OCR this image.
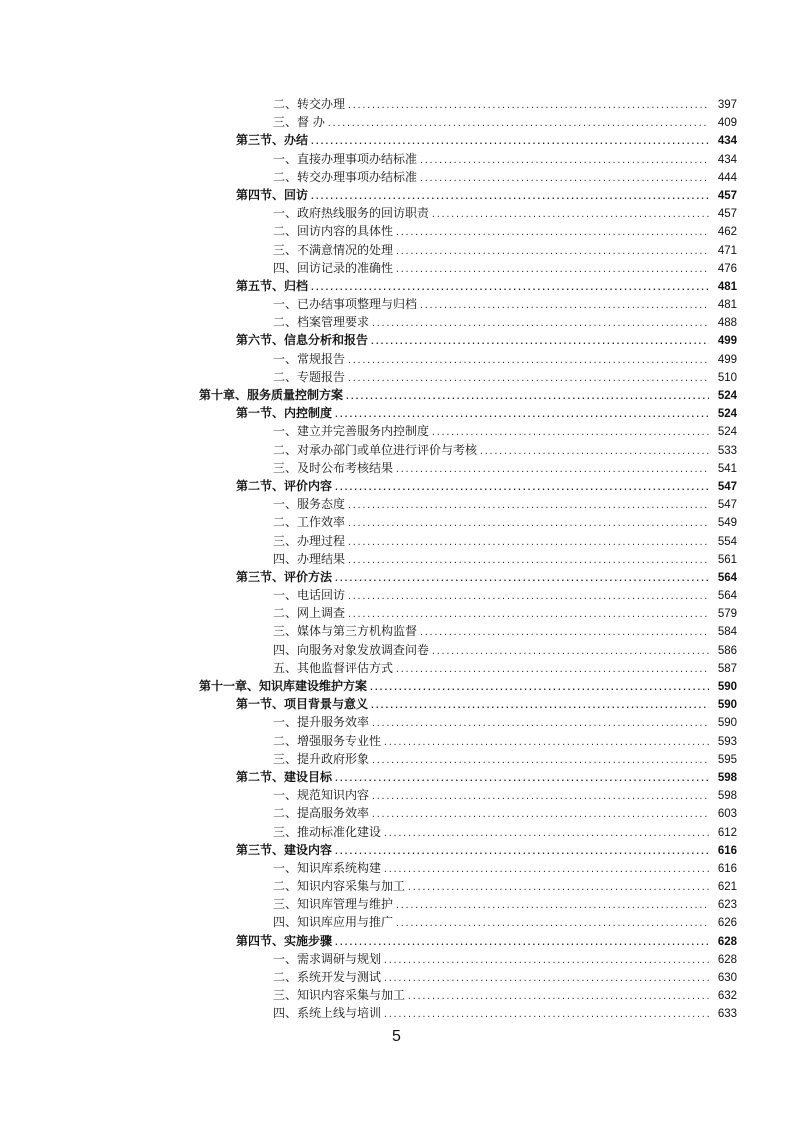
二、转交办理 .....	397
三、督 办 .....	409
第三节、办结 .....	434
一、直接办理事项办结标准 .....	434
二、转交办理事项办结标准 .....	444
第四节、回访 .....	457
一、政府热线服务的回访职责 .....	457
二、回访内容的具体性 .....	462
三、不满意情况的处理 .....	471
四、回访记录的准确性 .....	476
第五节、归档 .....	481
一、已办结事项整理与归档 .....	481
二、档案管理要求 .....	488
第六节、信息分析和报告 .....	499
一、常规报告 .....	499
二、专题报告 .....	510
第十章、服务质量控制方案 .....	524
第一节、内控制度 .....	524
一、建立并完善服务内控制度 .....	524
二、对承办部门或单位进行评价与考核 .....	533
三、及时公布考核结果 .....	541
第二节、评价内容 .....	547
一、服务态度 .....	547
二、工作效率 .....	549
三、办理过程 .....	554
四、办理结果 .....	561
第三节、评价方法 .....	564
一、电话回访 .....	564
二、网上调查 .....	579
三、媒体与第三方机构监督 .....	584
四、向服务对象发放调查问卷 .....	586
五、其他监督评估方式 .....	587
第十一章、知识库建设维护方案 .....	590
第一节、项目背景与意义 .....	590
一、提升服务效率 .....	590
二、增强服务专业性 .....	593
三、提升政府形象 .....	595
第二节、建设目标 .....	598
一、规范知识内容 .....	598
二、提高服务效率 .....	603
三、推动标准化建设 .....	612
第三节、建设内容 .....	616
一、知识库系统构建 .....	616
二、知识内容采集与加工 .....	621
三、知识库管理与维护 .....	623
四、知识库应用与推广 .....	626
第四节、实施步骤 .....	628
一、需求调研与规划 .....	628
二、系统开发与测试 .....	630
三、知识内容采集与加工 .....	632
四、系统上线与培训 .....	633
5
